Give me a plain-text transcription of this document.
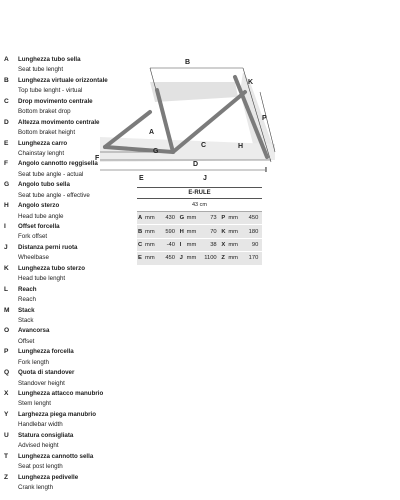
A	Lunghezza tubo sella
Seat tube lenght
B	Lunghezza virtuale orizzontale
Top tube lenght - virtual
C	Drop movimento centrale
Bottom braket drop
D	Altezza movimento centrale
Bottom braket height
E	Lunghezza carro
Chainstay lenght
F	Angolo cannotto reggisella
Seat tube angle - actual
G	Angolo tubo sella
Seat tube angle - effective
H	Angolo sterzo
Head tube angle
I	Offset forcella
Fork offset
J	Distanza perni ruota
Wheelbase
K	Lunghezza tubo sterzo
Head tube lenght
L	Reach
Reach
M	Stack
Stack
O	Avancorsa
Offset
P	Lunghezza forcella
Fork length
Q	Quota di standover
Standover height
X	Lunghezza attacco manubrio
Stem lenght
Y	Larghezza piega manubrio
Handlebar width
U	Statura consigliata
Advised height
T	Lunghezza cannotto sella
Seat post length
Z	Lunghezza pedivelle
Crank length
B
A
G
F
E
D
C
J
H
K
P
I
E-RULE
43 cm
A mm	430 G mm	73 P mm	450
B mm	590 H mm	70 K mm	180
C mm	-40 I mm	38 X mm	90
E mm	450 J mm	1100 Z mm	170
